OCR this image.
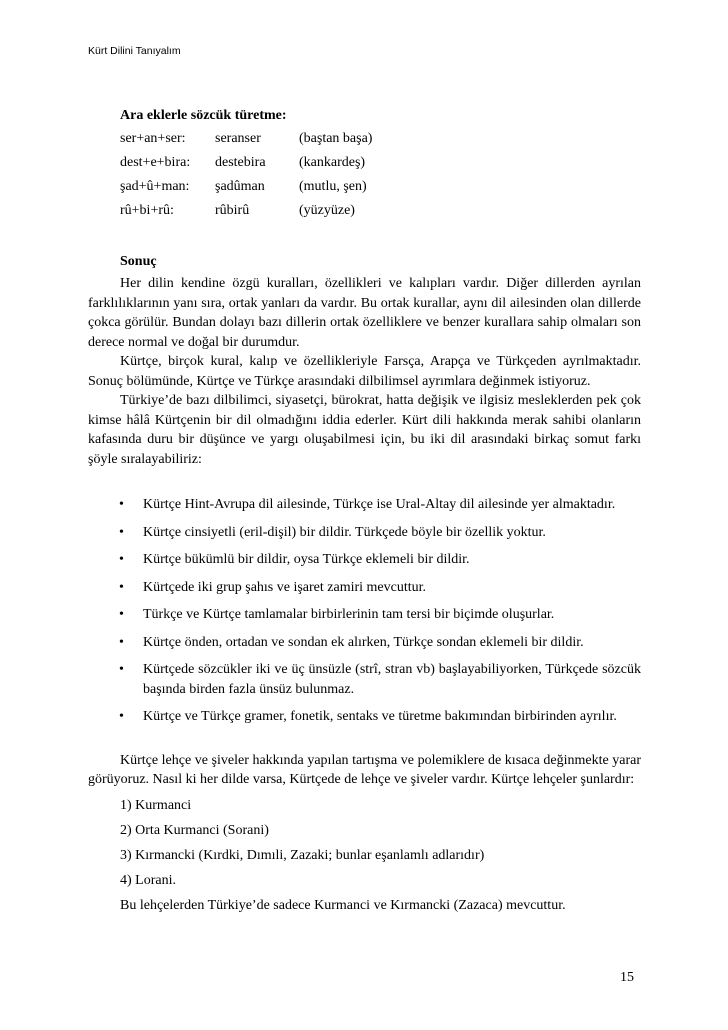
Kürt Dilini Tanıyalım
Ara eklerle sözcük türetme:
ser+an+ser:	seranser	(baştan başa)
dest+e+bira:	destebira	(kankardeş)
şad+û+man:	şadûman	(mutlu, şen)
rû+bi+rû:	rûbirû	(yüzyüze)
Sonuç

Her dilin kendine özgü kuralları, özellikleri ve kalıpları vardır. Diğer dillerden ayrılan farklılıklarının yanı sıra, ortak yanları da vardır. Bu ortak kurallar, aynı dil ailesinden olan dillerde çokca görülür. Bundan dolayı bazı dillerin ortak özelliklere ve benzer kurallara sahip olmaları son derece normal ve doğal bir durumdur.

Kürtçe, birçok kural, kalıp ve özellikleriyle Farsça, Arapça ve Türkçeden ayrılmaktadır. Sonuç bölümünde, Kürtçe ve Türkçe arasındaki dilbilimsel ayrımlara değinmek istiyoruz.

Türkiye’de bazı dilbilimci, siyasetçi, bürokrat, hatta değişik ve ilgisiz mesleklerden pek çok kimse hâlâ Kürtçenin bir dil olmadığını iddia ederler. Kürt dili hakkında merak sahibi olanların kafasında duru bir düşünce ve yargı oluşabilmesi için, bu iki dil arasındaki birkaç somut farkı şöyle sıralayabiliriz:

• Kürtçe Hint-Avrupa dil ailesinde, Türkçe ise Ural-Altay dil ailesinde yer almaktadır.
• Kürtçe cinsiyetli (eril-dişil) bir dildir. Türkçede böyle bir özellik yoktur.
• Kürtçe bükümlü bir dildir, oysa Türkçe eklemeli bir dildir.
• Kürtçede iki grup şahıs ve işaret zamiri mevcuttur.
• Türkçe ve Kürtçe tamlamalar birbirlerinin tam tersi bir biçimde oluşurlar.
• Kürtçe önden, ortadan ve sondan ek alırken, Türkçe sondan eklemeli bir dildir.
• Kürtçede sözcükler iki ve üç ünsüzle (strî, stran vb) başlayabiliyorken, Türkçede sözcük başında birden fazla ünsüz bulunmaz.
• Kürtçe ve Türkçe gramer, fonetik, sentaks ve türetme bakımından birbirinden ayrılır.

Kürtçe lehçe ve şiveler hakkında yapılan tartışma ve polemiklere de kısaca değinmekte yarar görüyoruz. Nasıl ki her dilde varsa, Kürtçede de lehçe ve şiveler vardır. Kürtçe lehçeler şunlardır:

1) Kurmanci
2) Orta Kurmanci (Sorani)
3) Kırmancki (Kırdki, Dımıli, Zazaki; bunlar eşanlamlı adlarıdır)
4) Lorani.
Bu lehçelerden Türkiye’de sadece Kurmanci ve Kırmancki (Zazaca) mevcuttur.
15
